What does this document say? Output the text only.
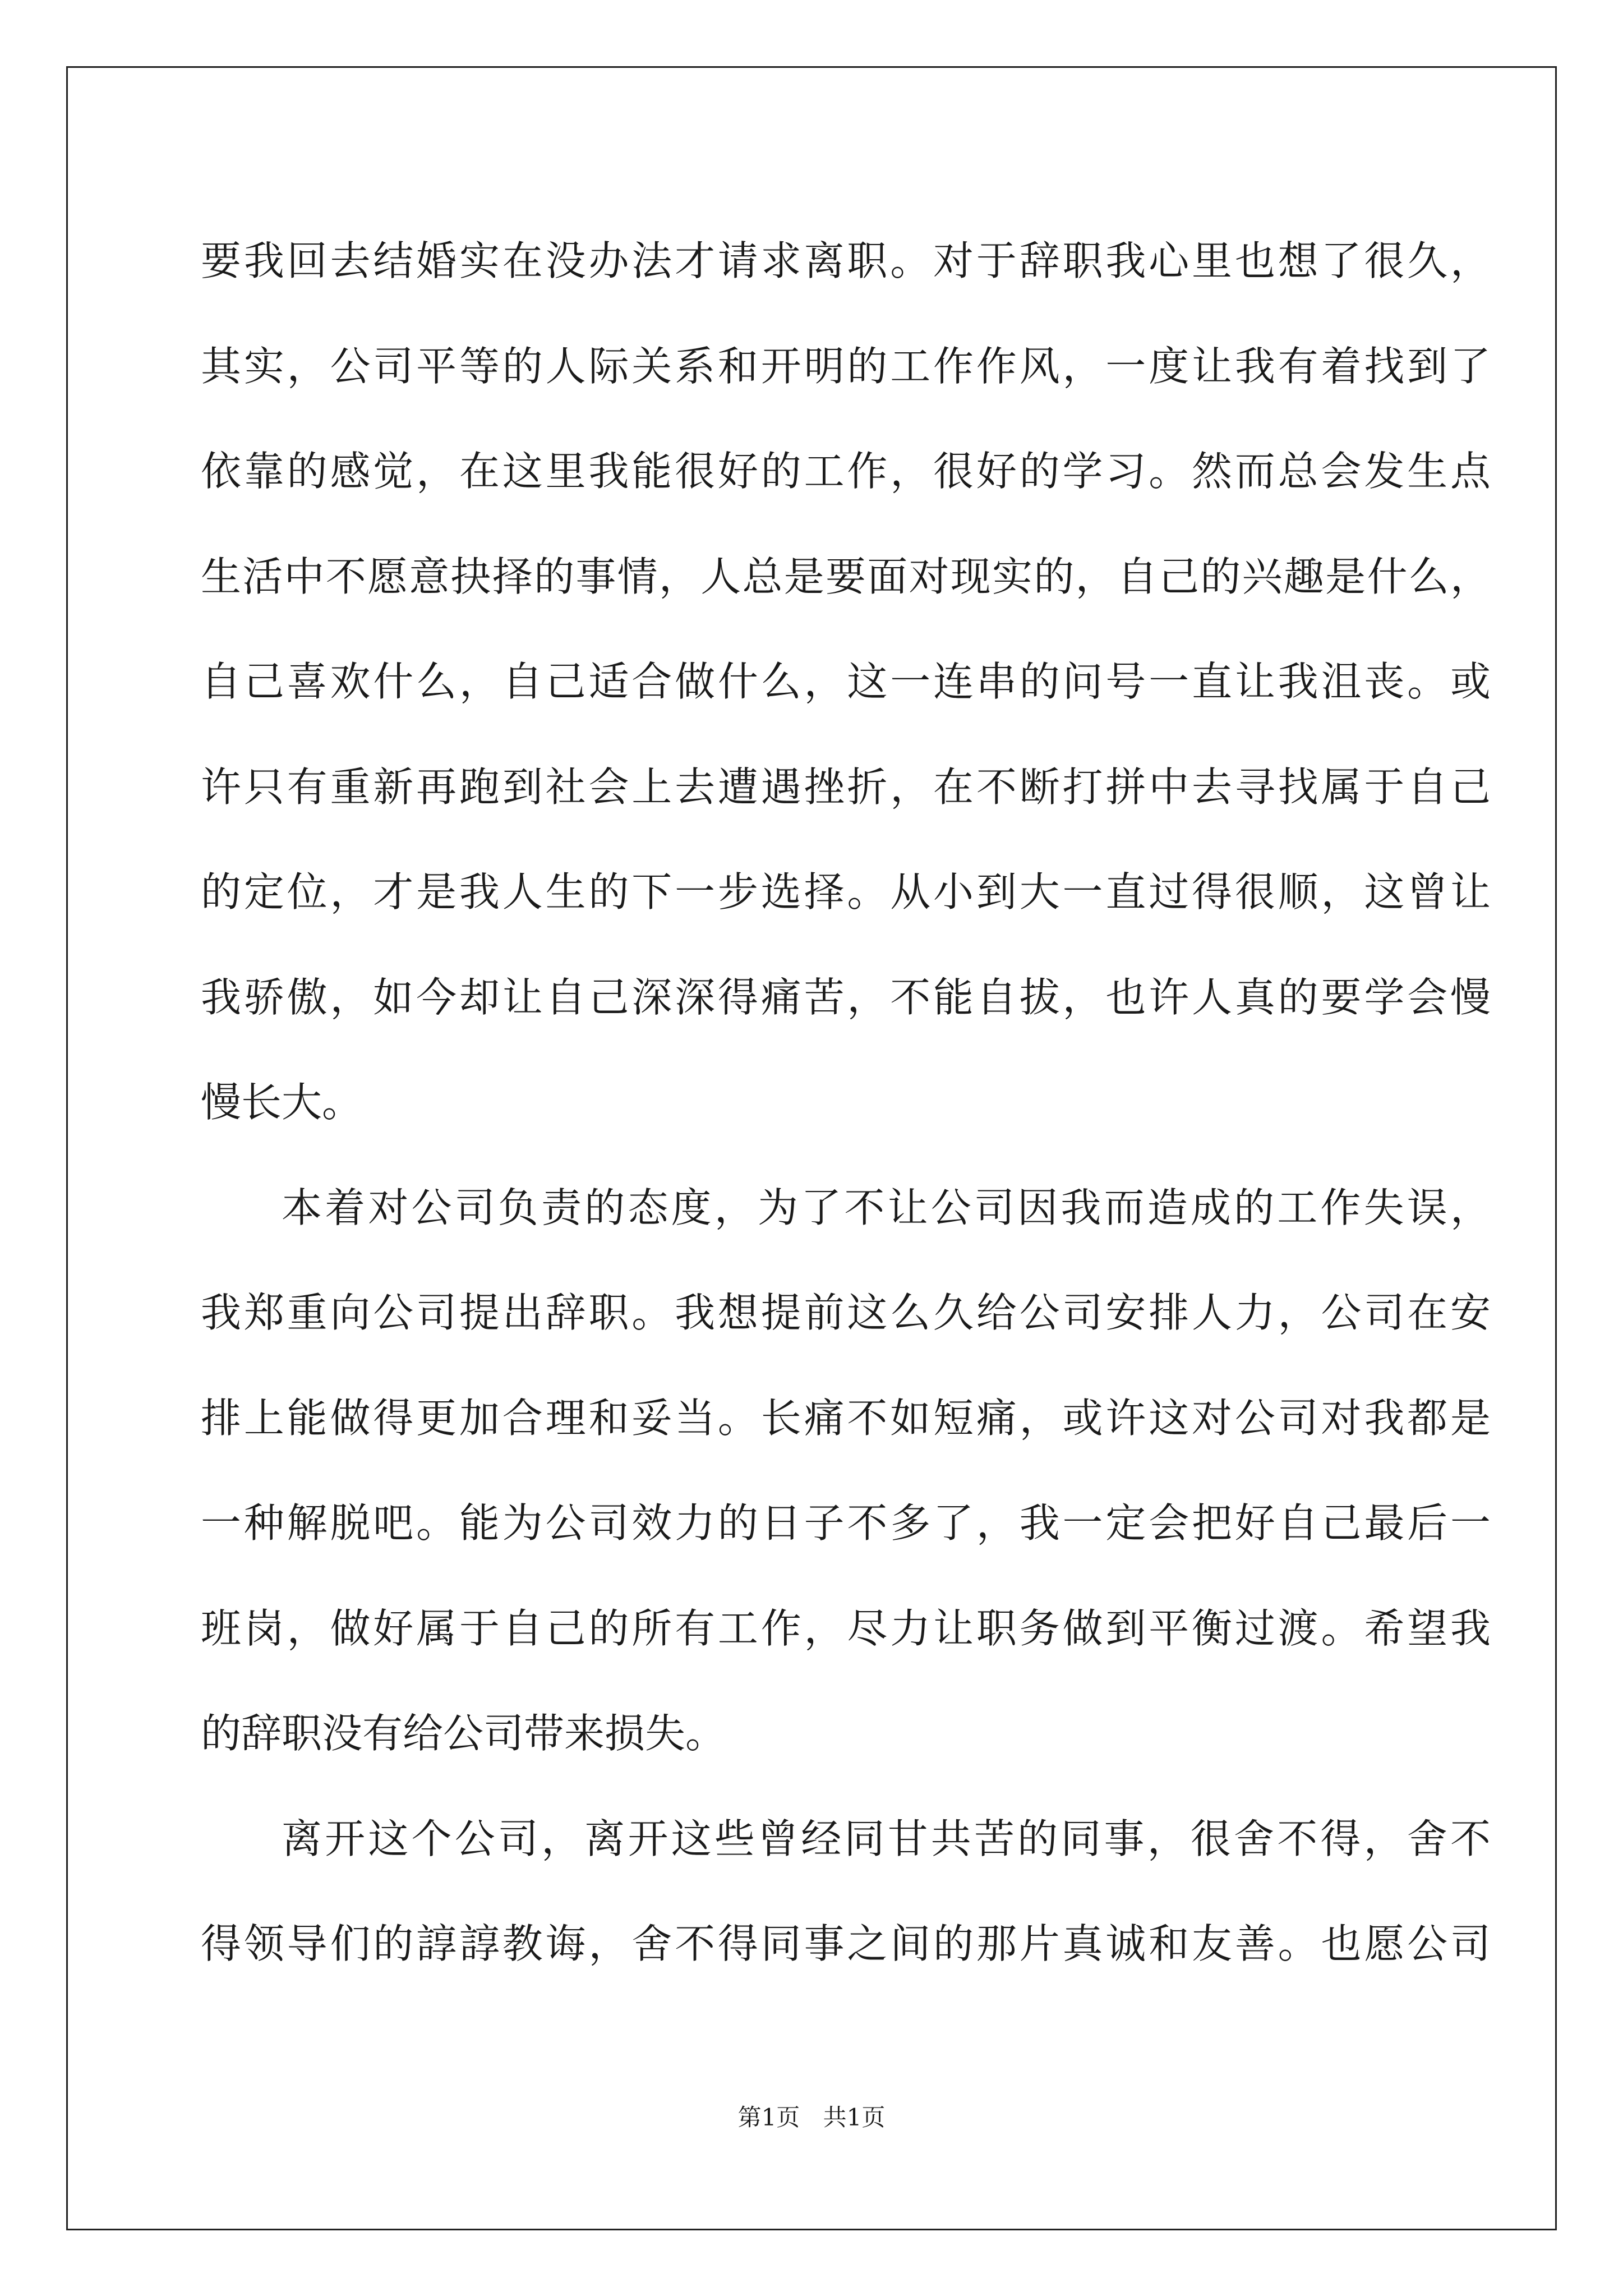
要我回去结婚实在没办法才请求离职。对于辞职我心里也想了很久，
其实，公司平等的人际关系和开明的工作作风，一度让我有着找到了
依靠的感觉，在这里我能很好的工作，很好的学习。然而总会发生点
生活中不愿意抉择的事情，人总是要面对现实的，自己的兴趣是什么，
自己喜欢什么，自己适合做什么，这一连串的问号一直让我沮丧。或
许只有重新再跑到社会上去遭遇挫折，在不断打拼中去寻找属于自己
的定位，才是我人生的下一步选择。从小到大一直过得很顺，这曾让
我骄傲，如今却让自己深深得痛苦，不能自拔，也许人真的要学会慢
慢长大。
本着对公司负责的态度，为了不让公司因我而造成的工作失误，
我郑重向公司提出辞职。我想提前这么久给公司安排人力，公司在安
排上能做得更加合理和妥当。长痛不如短痛，或许这对公司对我都是
一种解脱吧。能为公司效力的日子不多了，我一定会把好自己最后一
班岗，做好属于自己的所有工作，尽力让职务做到平衡过渡。希望我
的辞职没有给公司带来损失。
离开这个公司，离开这些曾经同甘共苦的同事，很舍不得，舍不
得领导们的諄諄教诲，舍不得同事之间的那片真诚和友善。也愿公司
第1页 共1页
